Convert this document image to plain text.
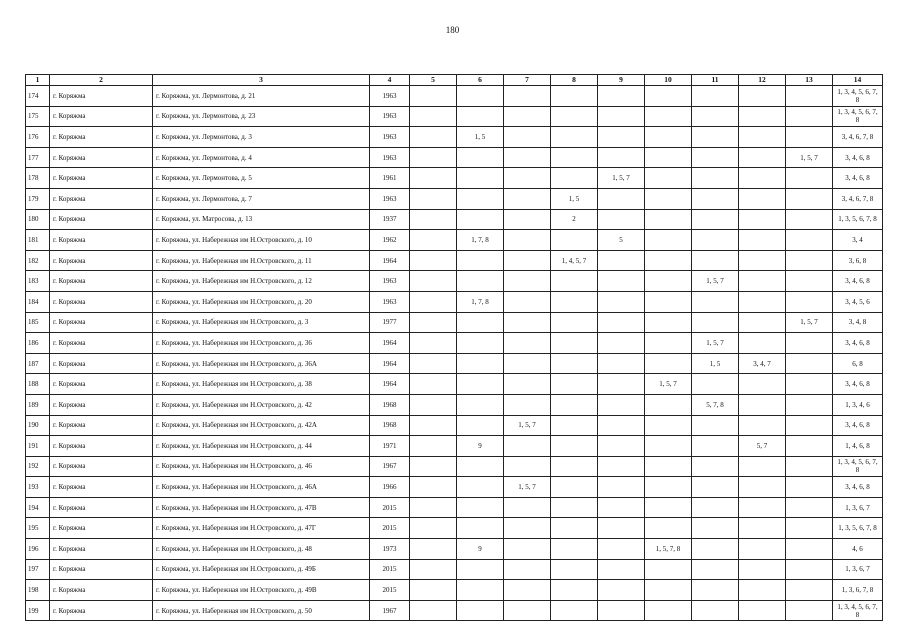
180
1	2	3	4	5	6	7	8	9	10	11	12	13	14
174	г. Коряжма	г. Коряжма, ул. Лермонтова, д. 21	1963										1, 3, 4, 5, 6, 7, 8
175	г. Коряжма	г. Коряжма, ул. Лермонтова, д. 23	1963										1, 3, 4, 5, 6, 7, 8
176	г. Коряжма	г. Коряжма, ул. Лермонтова, д. 3	1963		1, 5								3, 4, 6, 7, 8
177	г. Коряжма	г. Коряжма, ул. Лермонтова, д. 4	1963									1, 5, 7	3, 4, 6, 8
178	г. Коряжма	г. Коряжма, ул. Лермонтова, д. 5	1961					1, 5, 7					3, 4, 6, 8
179	г. Коряжма	г. Коряжма, ул. Лермонтова, д. 7	1963				1, 5						3, 4, 6, 7, 8
180	г. Коряжма	г. Коряжма, ул. Матросова, д. 13	1937				2						1, 3, 5, 6, 7, 8
181	г. Коряжма	г. Коряжма, ул. Набережная им Н.Островского, д. 10	1962		1, 7, 8			5					3, 4
182	г. Коряжма	г. Коряжма, ул. Набережная им Н.Островского, д. 11	1964				1, 4, 5, 7						3, 6, 8
183	г. Коряжма	г. Коряжма, ул. Набережная им Н.Островского, д. 12	1963							1, 5, 7			3, 4, 6, 8
184	г. Коряжма	г. Коряжма, ул. Набережная им Н.Островского, д. 20	1963		1, 7, 8								3, 4, 5, 6
185	г. Коряжма	г. Коряжма, ул. Набережная им Н.Островского, д. 3	1977									1, 5, 7	3, 4, 8
186	г. Коряжма	г. Коряжма, ул. Набережная им Н.Островского, д. 36	1964							1, 5, 7			3, 4, 6, 8
187	г. Коряжма	г. Коряжма, ул. Набережная им Н.Островского, д. 36А	1964							1, 5	3, 4, 7		6, 8
188	г. Коряжма	г. Коряжма, ул. Набережная им Н.Островского, д. 38	1964						1, 5, 7				3, 4, 6, 8
189	г. Коряжма	г. Коряжма, ул. Набережная им Н.Островского, д. 42	1968							5, 7, 8			1, 3, 4, 6
190	г. Коряжма	г. Коряжма, ул. Набережная им Н.Островского, д. 42А	1968			1, 5, 7							3, 4, 6, 8
191	г. Коряжма	г. Коряжма, ул. Набережная им Н.Островского, д. 44	1971		9						5, 7		1, 4, 6, 8
192	г. Коряжма	г. Коряжма, ул. Набережная им Н.Островского, д. 46	1967										1, 3, 4, 5, 6, 7, 8
193	г. Коряжма	г. Коряжма, ул. Набережная им Н.Островского, д. 46А	1966			1, 5, 7							3, 4, 6, 8
194	г. Коряжма	г. Коряжма, ул. Набережная им Н.Островского, д. 47В	2015										1, 3, 6, 7
195	г. Коряжма	г. Коряжма, ул. Набережная им Н.Островского, д. 47Г	2015										1, 3, 5, 6, 7, 8
196	г. Коряжма	г. Коряжма, ул. Набережная им Н.Островского, д. 48	1973		9				1, 5, 7, 8				4, 6
197	г. Коряжма	г. Коряжма, ул. Набережная им Н.Островского, д. 49Б	2015										1, 3, 6, 7
198	г. Коряжма	г. Коряжма, ул. Набережная им Н.Островского, д. 49В	2015										1, 3, 6, 7, 8
199	г. Коряжма	г. Коряжма, ул. Набережная им Н.Островского, д. 50	1967										1, 3, 4, 5, 6, 7, 8
